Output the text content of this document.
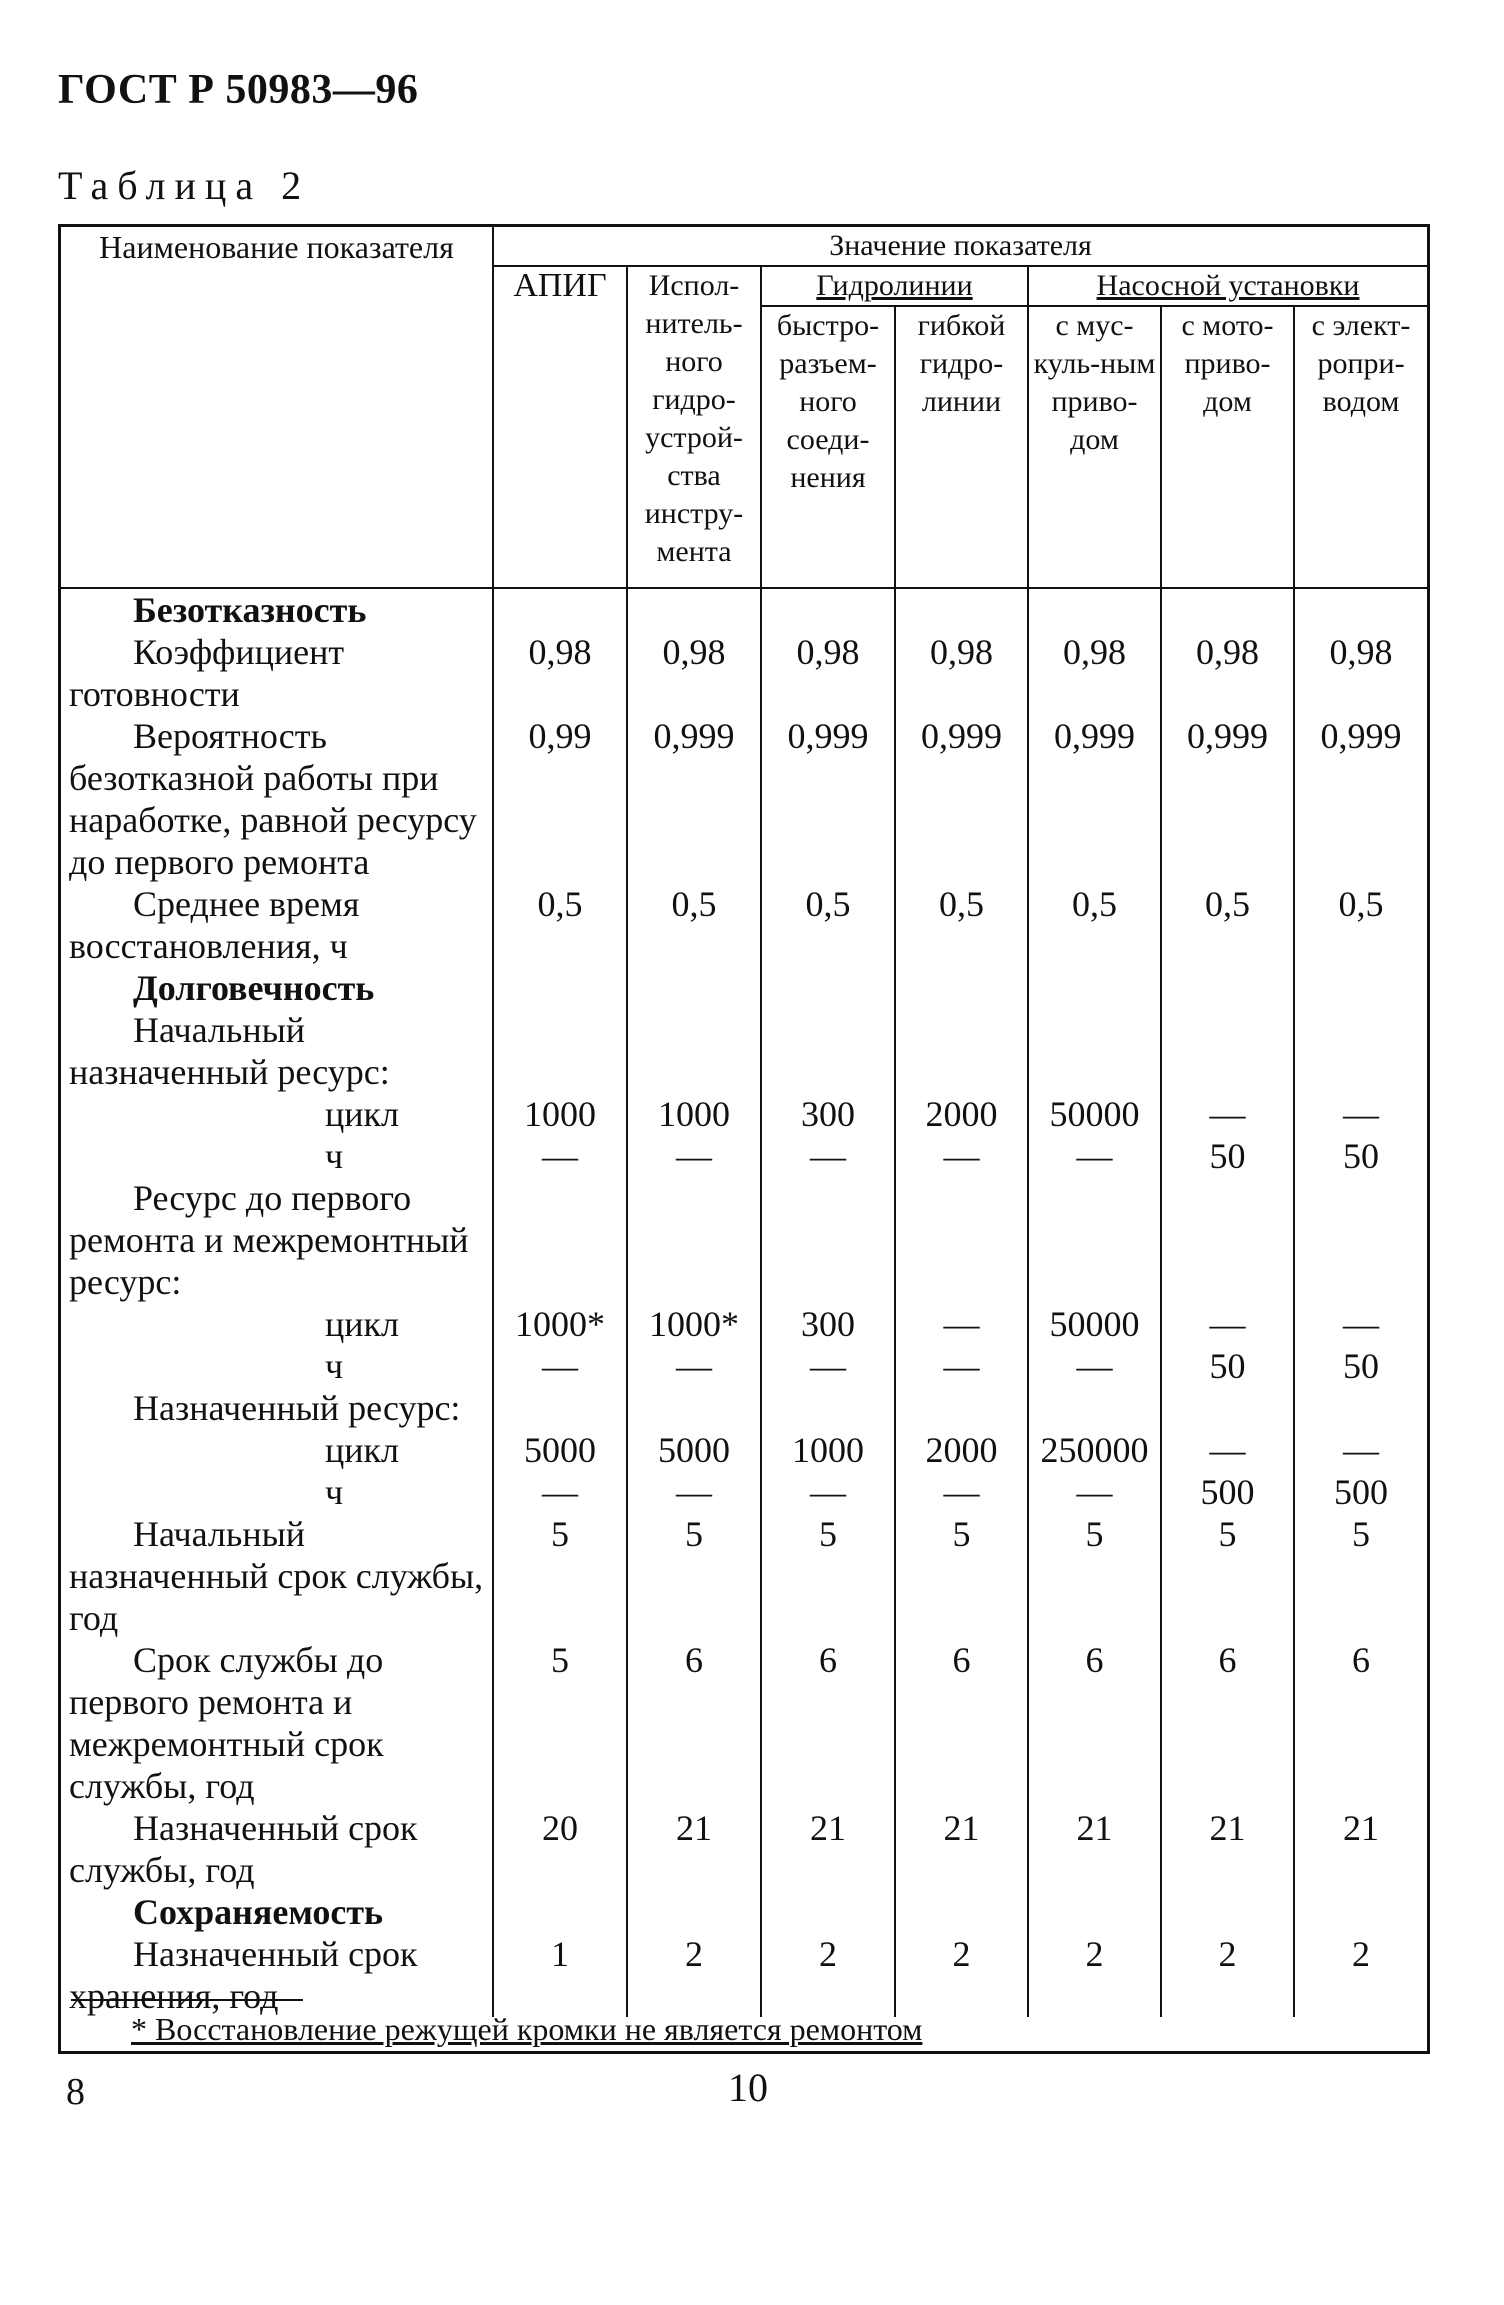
ГОСТ Р 50983—96
Таблица 2
Наименование показателя	Значение показателя						
	АПИГ	Испол-нитель-ного гидро-устрой-ства инстру-мента	Гидролинии		Насосной установки		
			быстро-разъем-ного соеди-нения	гибкой гидро-линии	с мус-куль-ным приво-дом	с мото-приво-дом	с элект-ропри-водом
Безотказность							
Коэффициент готовности	0,98	0,98	0,98	0,98	0,98	0,98	0,98
Вероятность безотказной работы при наработке, равной ресурсу до первого ремонта	0,99	0,999	0,999	0,999	0,999	0,999	0,999
Среднее время восстановления, ч	0,5	0,5	0,5	0,5	0,5	0,5	0,5
Долговечность							
Начальный назначенный ресурс:							
цикл	1000	1000	300	2000	50000	—	—
ч	—	—	—	—	—	50	50
Ресурс до первого ремонта и межремонтный ресурс:							
цикл	1000*	1000*	300	—	50000	—	—
ч	—	—	—	—	—	50	50
Назначенный ресурс:							
цикл	5000	5000	1000	2000	250000	—	—
ч	—	—	—	—	—	500	500
Начальный назначенный срок службы, год	5	5	5	5	5	5	5
Срок службы до первого ремонта и межремонтный срок службы, год	5	6	6	6	6	6	6
Назначенный срок службы, год	20	21	21	21	21	21	21
Сохраняемость							
Назначенный срок хранения, год	1	2	2	2	2	2	2
* Восстановление режущей кромки не является ремонтом
8	10
